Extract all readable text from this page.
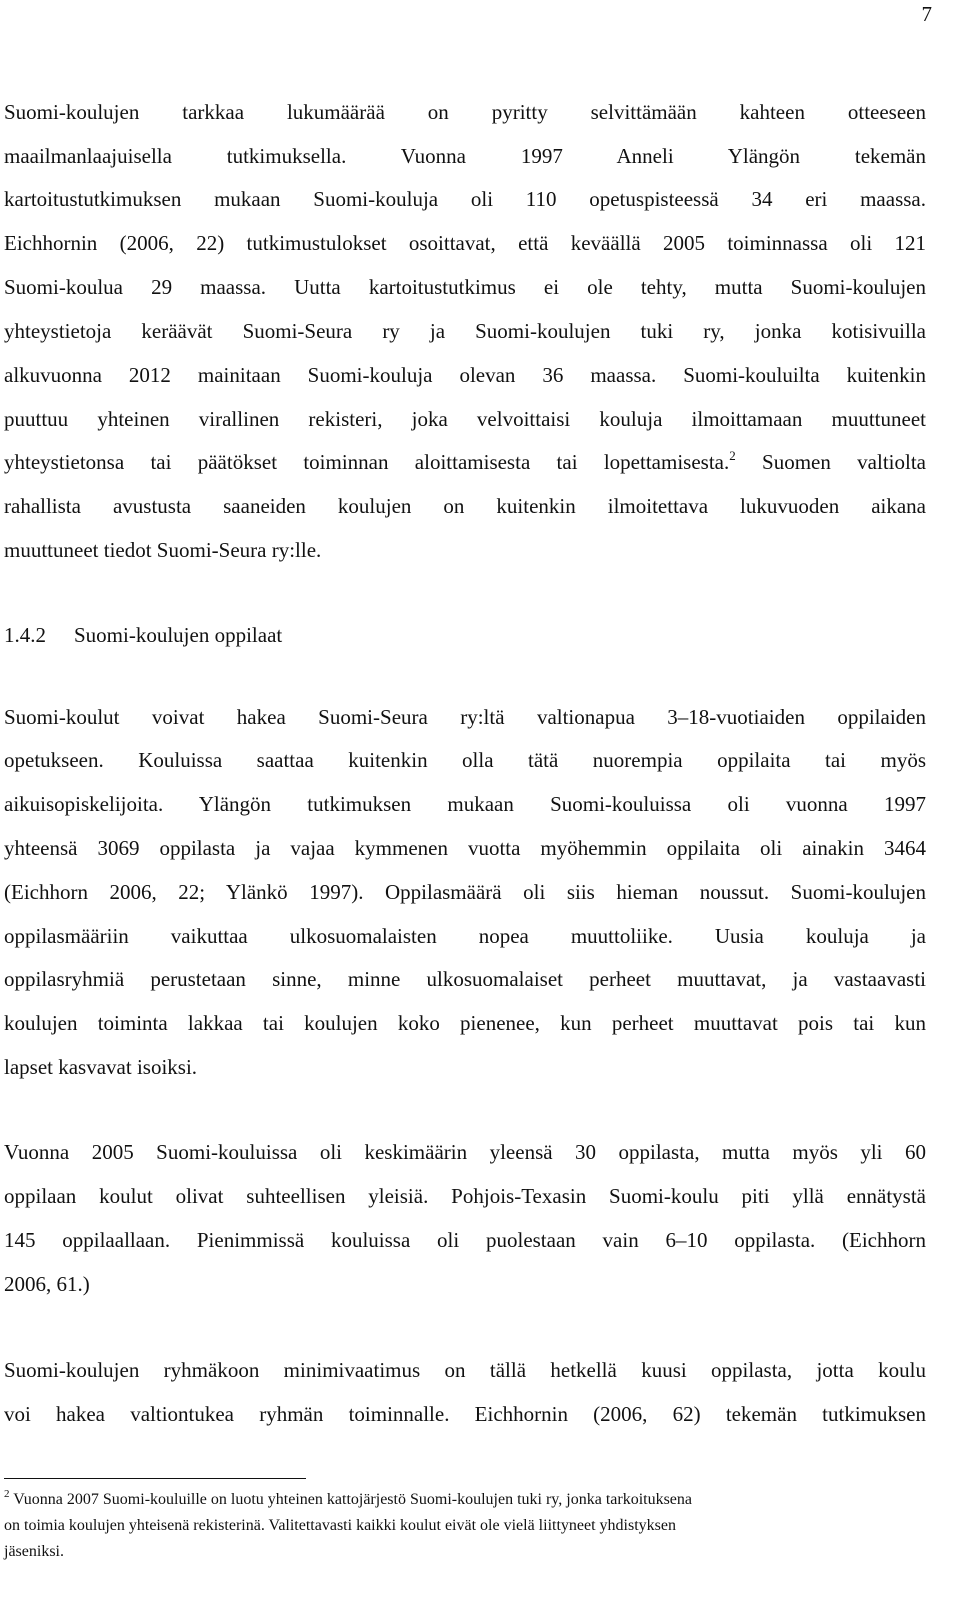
7
Suomi-koulujen tarkkaa lukumäärää on pyritty selvittämään kahteen otteeseen
maailmanlaajuisella tutkimuksella. Vuonna 1997 Anneli Ylängön tekemän
kartoitustutkimuksen mukaan Suomi-kouluja oli 110 opetuspisteessä 34 eri maassa.
Eichhornin (2006, 22) tutkimustulokset osoittavat, että keväällä 2005 toiminnassa oli 121
Suomi-koulua 29 maassa. Uutta kartoitustutkimus ei ole tehty, mutta Suomi-koulujen
yhteystietoja keräävät Suomi-Seura ry ja Suomi-koulujen tuki ry, jonka kotisivuilla
alkuvuonna 2012 mainitaan Suomi-kouluja olevan 36 maassa. Suomi-kouluilta kuitenkin
puuttuu yhteinen virallinen rekisteri, joka velvoittaisi kouluja ilmoittamaan muuttuneet
yhteystietonsa tai päätökset toiminnan aloittamisesta tai lopettamisesta.$^2$ Suomen valtiolta
rahallista avustusta saaneiden koulujen on kuitenkin ilmoitettava lukuvuoden aikana
muuttuneet tiedot Suomi-Seura ry:lle.
1.4.2 Suomi-koulujen oppilaat
Suomi-koulut voivat hakea Suomi-Seura ry:ltä valtionapua 3–18-vuotiaiden oppilaiden
opetukseen. Kouluissa saattaa kuitenkin olla tätä nuorempia oppilaita tai myös
aikuisopiskelijoita. Ylängön tutkimuksen mukaan Suomi-kouluissa oli vuonna 1997
yhteensä 3069 oppilasta ja vajaa kymmenen vuotta myöhemmin oppilaita oli ainakin 3464
(Eichhorn 2006, 22; Ylänkö 1997). Oppilasmäärä oli siis hieman noussut. Suomi-koulujen
oppilasmääriin vaikuttaa ulkosuomalaisten nopea muuttoliike. Uusia kouluja ja
oppilasryhmiä perustetaan sinne, minne ulkosuomalaiset perheet muuttavat, ja vastaavasti
koulujen toiminta lakkaa tai koulujen koko pienenee, kun perheet muuttavat pois tai kun
lapset kasvavat isoiksi.
Vuonna 2005 Suomi-kouluissa oli keskimäärin yleensä 30 oppilasta, mutta myös yli 60
oppilaan koulut olivat suhteellisen yleisiä. Pohjois-Texasin Suomi-koulu piti yllä ennätystä
145 oppilaallaan. Pienimmissä kouluissa oli puolestaan vain 6–10 oppilasta. (Eichhorn
2006, 61.)
Suomi-koulujen ryhmäkoon minimivaatimus on tällä hetkellä kuusi oppilasta, jotta koulu
voi hakea valtiontukea ryhmän toiminnalle. Eichhornin (2006, 62) tekemän tutkimuksen
$^2$ Vuonna 2007 Suomi-kouluille on luotu yhteinen kattojärjestö Suomi-koulujen tuki ry, jonka tarkoituksena
on toimia koulujen yhteisenä rekisterinä. Valitettavasti kaikki koulut eivät ole vielä liittyneet yhdistyksen
jäseniksi.
